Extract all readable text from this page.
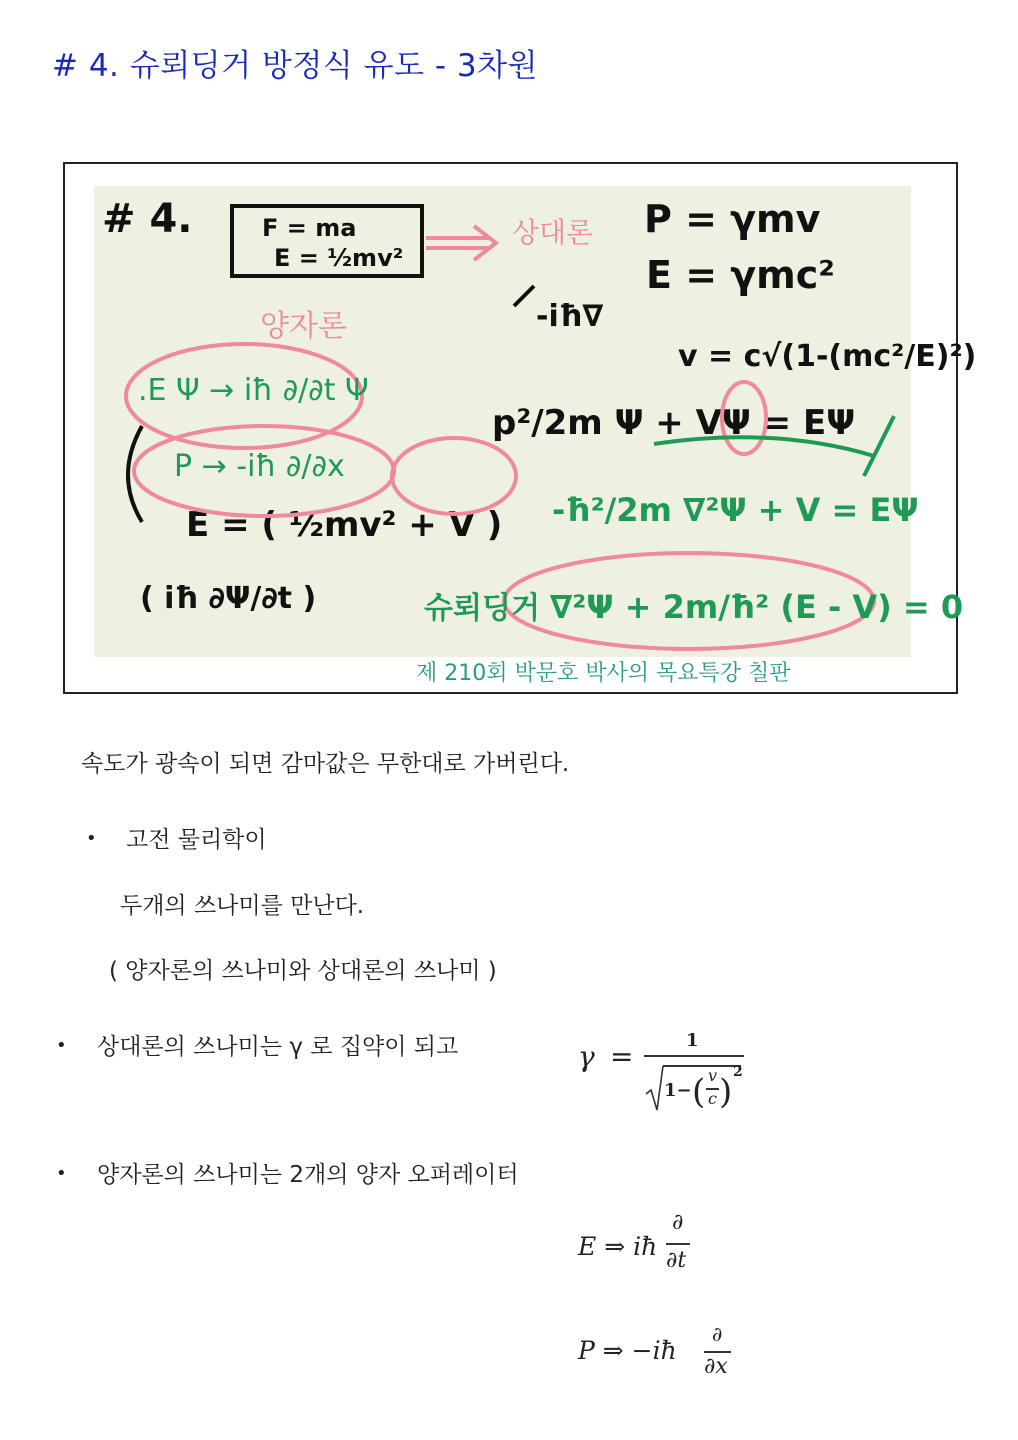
# 4. 슈뢰딩거 방정식 유도 - 3차원
# 4.	F = ma
E = ½mv²
P = γmv
E = γmc²
v = c√(1-(mc²/E)²)
p²/2m Ψ + VΨ = EΨ
-iħ∇
E = ( ½mv² + V )
( iħ ∂Ψ/∂t )
상대론
양자론
.E Ψ → iħ ∂/∂t Ψ
P → -iħ ∂/∂x
-ħ²/2m ∇²Ψ + V = EΨ
슈뢰딩거 ∇²Ψ + 2m/ħ² (E - V) = 0
제 210회 박문호 박사의 목요특강 칠판
속도가 광속이 되면 감마값은 무한대로 가버린다.
• 고전 물리학이
두개의 쓰나미를 만난다.
( 양자론의 쓰나미와 상대론의 쓰나미 )
• 상대론의 쓰나미는 γ 로 집약이 되고	γ =	1
1− ( v
c ) 2
• 양자론의 쓰나미는 2개의 양자 오퍼레이터
E ⇒ iħ
∂
∂t
P ⇒ −iħ
∂
∂x
